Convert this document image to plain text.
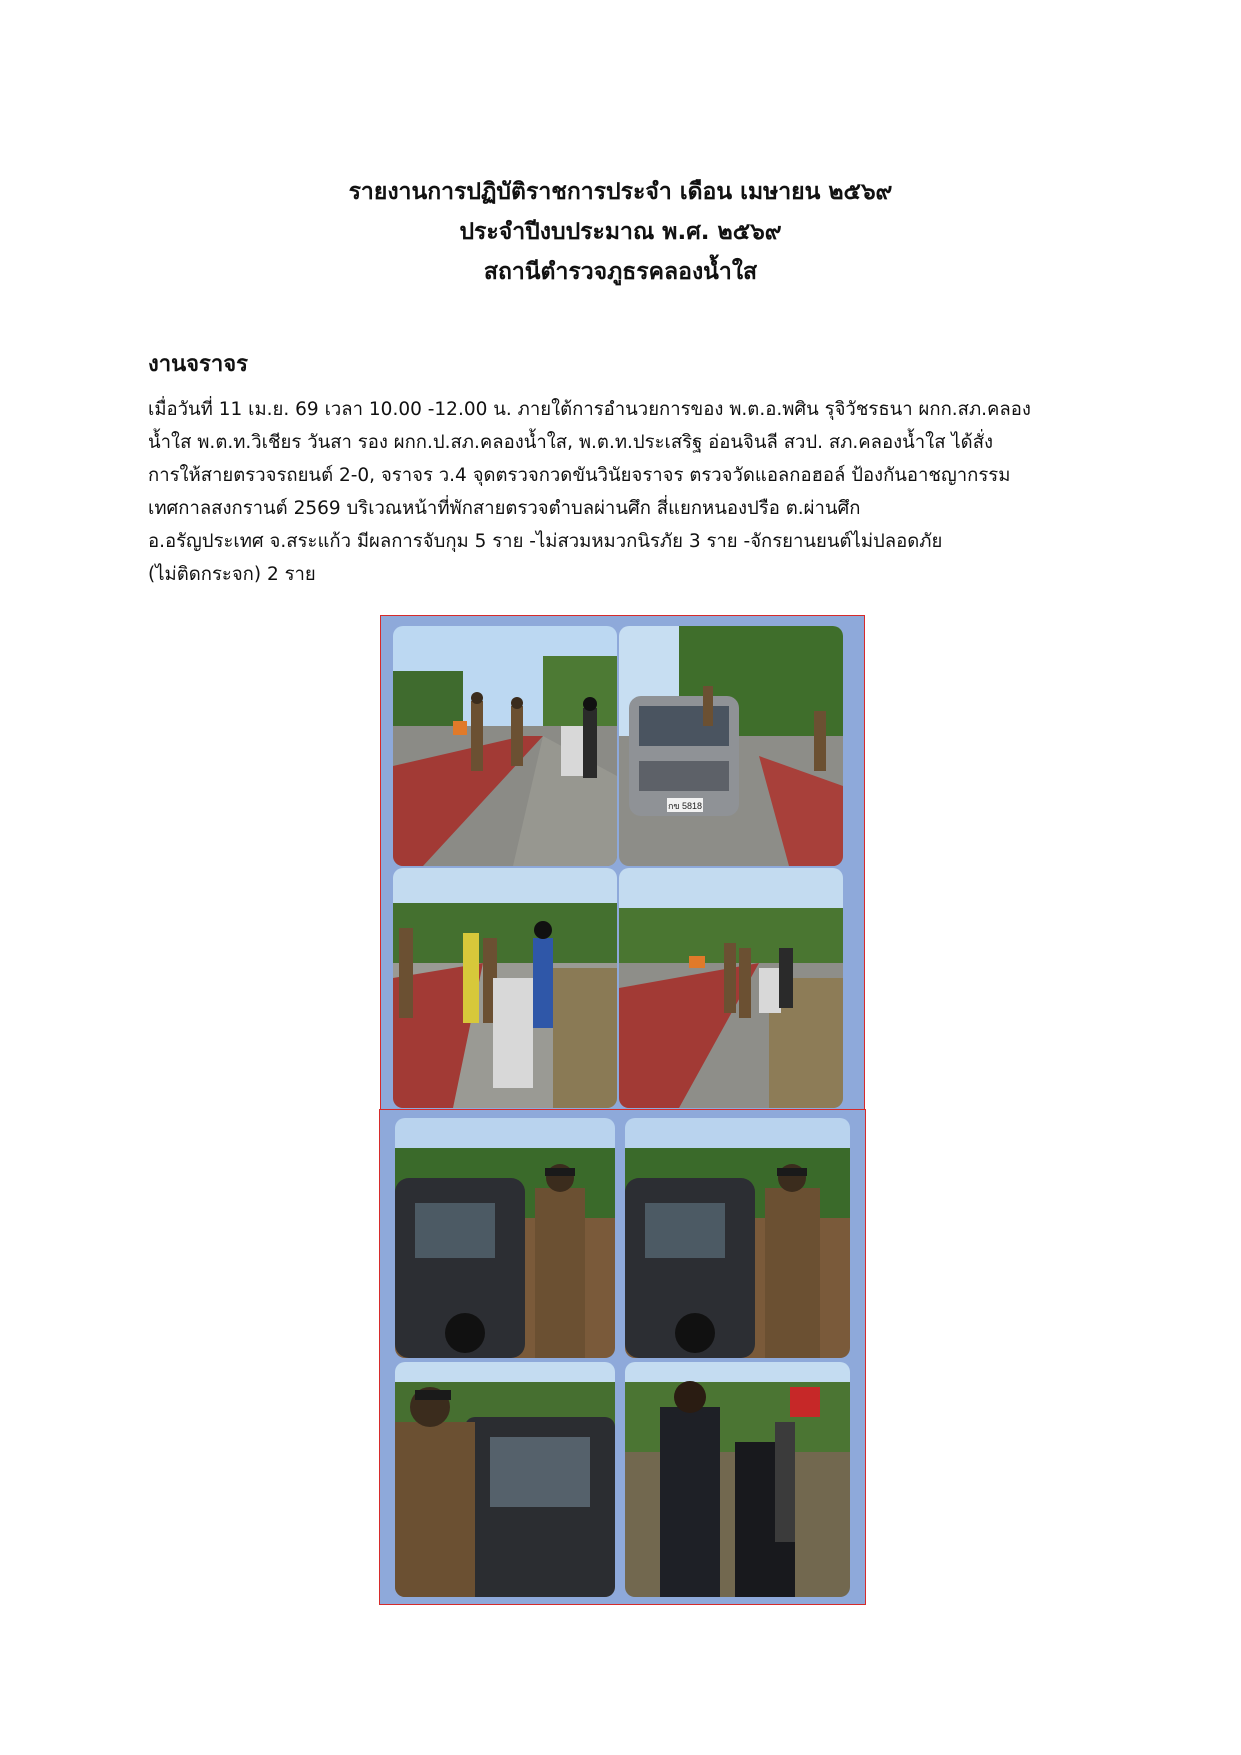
รายงานการปฏิบัติราชการประจำ เดือน เมษายน ๒๕๖๙

ประจำปีงบประมาณ พ.ศ. ๒๕๖๙

สถานีตำรวจภูธรคลองน้ำใส

งานจราจร
เมื่อวันที่ 11 เม.ย. 69 เวลา 10.00 -12.00 น. ภายใต้การอำนวยการของ พ.ต.อ.พศิน รุจิวัชรธนา ผกก.สภ.คลอง
น้ำใส พ.ต.ท.วิเชียร วันสา รอง ผกก.ป.สภ.คลองน้ำใส, พ.ต.ท.ประเสริฐ อ่อนจินลี สวป. สภ.คลองน้ำใส ได้สั่ง
การให้สายตรวจรถยนต์ 2-0, จราจร ว.4 จุดตรวจกวดขันวินัยจราจร ตรวจวัดแอลกอฮอล์ ป้องกันอาชญากรรม
เทศกาลสงกรานต์ 2569 บริเวณหน้าที่พักสายตรวจตำบลผ่านศึก สี่แยกหนองปรือ ต.ผ่านศึก
อ.อรัญประเทศ จ.สระแก้ว มีผลการจับกุม 5 ราย -ไม่สวมหมวกนิรภัย 3 ราย -จักรยานยนต์ไม่ปลอดภัย
(ไม่ติดกระจก) 2 ราย
กข 5818
